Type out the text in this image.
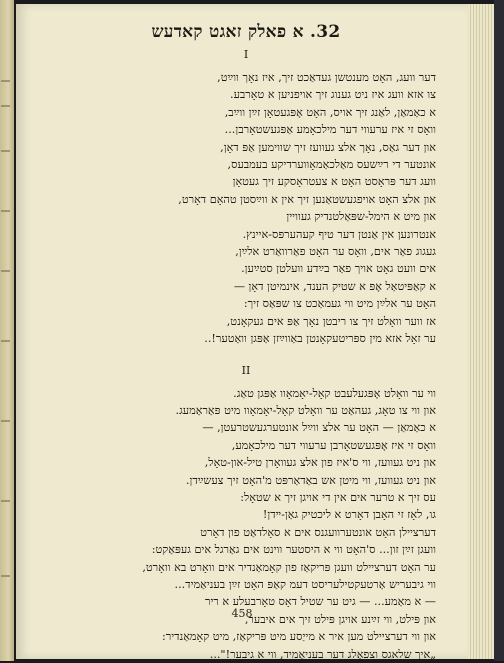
32. א פאלק זאגט קאדעש
I
דער וועג, האָט מענטשן געדאַכט זיך, איז נאָך ווײַט,
צו אזא וועג איז ניט גענוג זיך אויפניען א טאָרבע.
א כאַמאַן, לאַנג זיך אויס, האָט אָפּגעטאָן זײַן ווײַב,
וואָס זי איז ערעווי דער מילכאָמע אַפּגעשטאָרבן...
און דער גאַס, נאָך אלצ געוועז זיך שווימען אַפּ דאָן,
אונטער די רײַשעס מאַלכאַמאָווערדיקע בעמבעס,
וועג דער פּראָסט האָט א צעטראָסקע זיך געטאָן
און אלצ האָט אויפגעשטאַנען זיך אין א ווײַסטן טהאָם דאָרט,
און מיט א הימל-שפּאַלטנדיק געוויין
אנטרונען אין אַנטן דער טיף קעהערפּס-איינץ.
געגוג פאַר אים, וואָס ער האָט פאַרוואַרט אלײַן,
אים וועט גאָט אויך פאַר בײַדע וועלטן סטײַען.
א קאַפּיטאַל אָפּ א שטיק הענד, אינמיטן דאָן —
האָט ער אלײַן מיט ווי געמאַכט צו שפּאַס זיך:
אז ווער וואָלט זיך צו ריבטן נאָך אַפּ אים געקאָנט,
ער זאָל אזא מין ספּריטעקאָנטן באַווײַזן אַפּגן וואַטער!..
II
ווי ער וואָלט אָפּגעלעבט קאָל-יאָמאָוו אַפּגן טאַג.
און ווי צו טאָג, געהאַט ער וואָלט קאָל-יאָמאָוו מיט פּאַראַמעג.
א כאַמאַן — האָט ער אלצ ווײַל אונטערגעשטרעטן, —
וואָס זי איז אָפּגעשטאָרבן ערעווי דער מילכאָמע,
און ניט געוועז, ווי ס'איז פון אלצ געוואָרן טיל-און-טאָל,
און ניט געוועז, ווי מיטן אש באַדאַרפּט מ'האָט זיך צעשײַדן.
עס זיך א טרער אים אין די אויגן זיך א שטאָל:
גו, לאָז זי האָבן דאָרט א ליכטיק גאַן-ײדן!
דערציילן האָט אונטערוועגנס אים א סאָלדאַט פון דאָרט
וועגן זײַן זון... ס'האָט ווי א היסטער ווינט אים גאַרגל אים געפּאַקט:
ער האָט דערציילט וועגן פּריקאַז פון קאָמאַנדיר אים וואָרט בא וואָרט,
ווי גיבעריש אַרטעקטילעריסט דעמ קאַפּ האָט זײַן בעניאַמיד...
— א מאַמע... — גיט ער שטיל דאָס טאָרבעלע א ריר
און פּילט, ווי זײַנע אויגן פּילט זיך אים איבער,
און ווי דערציילט מען איר א מייַסע מיט פּריקאַז, מיט קאָמאַנדיר:
„איך שלאָגס וצפאַלג דער בעניאַמיד, ווי א גיבער!"...
458
